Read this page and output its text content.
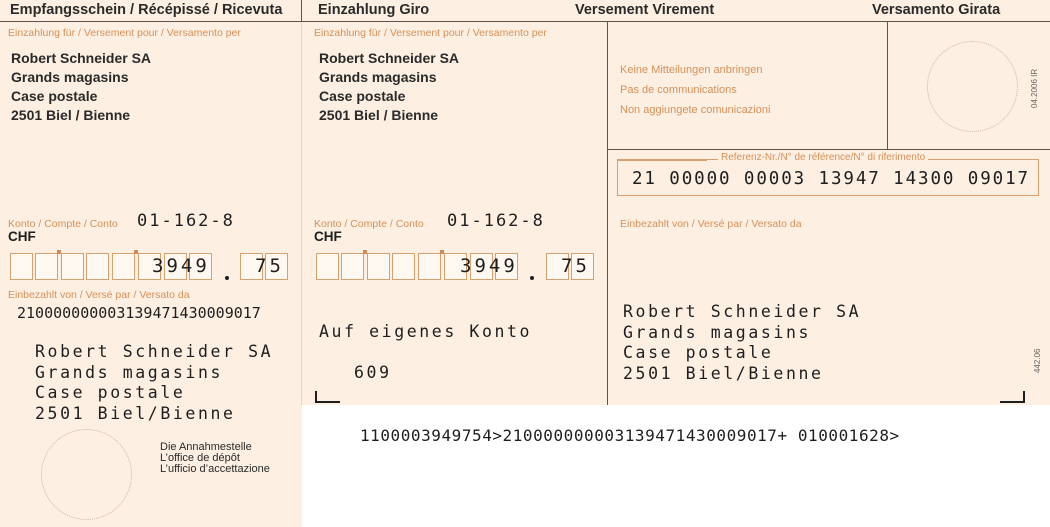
Empfangsschein / Récépissé / Ricevuta Einzahlung Giro	Versement Virement	Versamento Girata
Einzahlung für / Versement pour / Versamento per
Robert Schneider SA
Grands magasins
Case postale
2501 Biel / Bienne
Konto / Compte / Conto 01-162-8
CHF
3949 75
Einbezahlt von / Versé par / Versato da
210000000003139471430009017
Robert Schneider SA
Grands magasins
Case postale
2501 Biel/Bienne
Die Annahmestelle
L’office de dépôt
L’ufficio d’accettazione
Einzahlung für / Versement pour / Versamento per
Robert Schneider SA
Grands magasins
Case postale
2501 Biel / Bienne
Konto / Compte / Conto 01-162-8
CHF
3949 75
Auf eigenes Konto
609
Keine Mitteilungen anbringen
Pas de communications
Non aggiungete comunicazioni
04.2006 IR
Referenz-Nr./N° de référence/N° di riferimento
21 00000 00003 13947 14300 09017
Einbezahlt von / Versé par / Versato da
Robert Schneider SA
Grands magasins
Case postale
2501 Biel/Bienne	442.06
1100003949754>210000000003139471430009017+ 010001628>
